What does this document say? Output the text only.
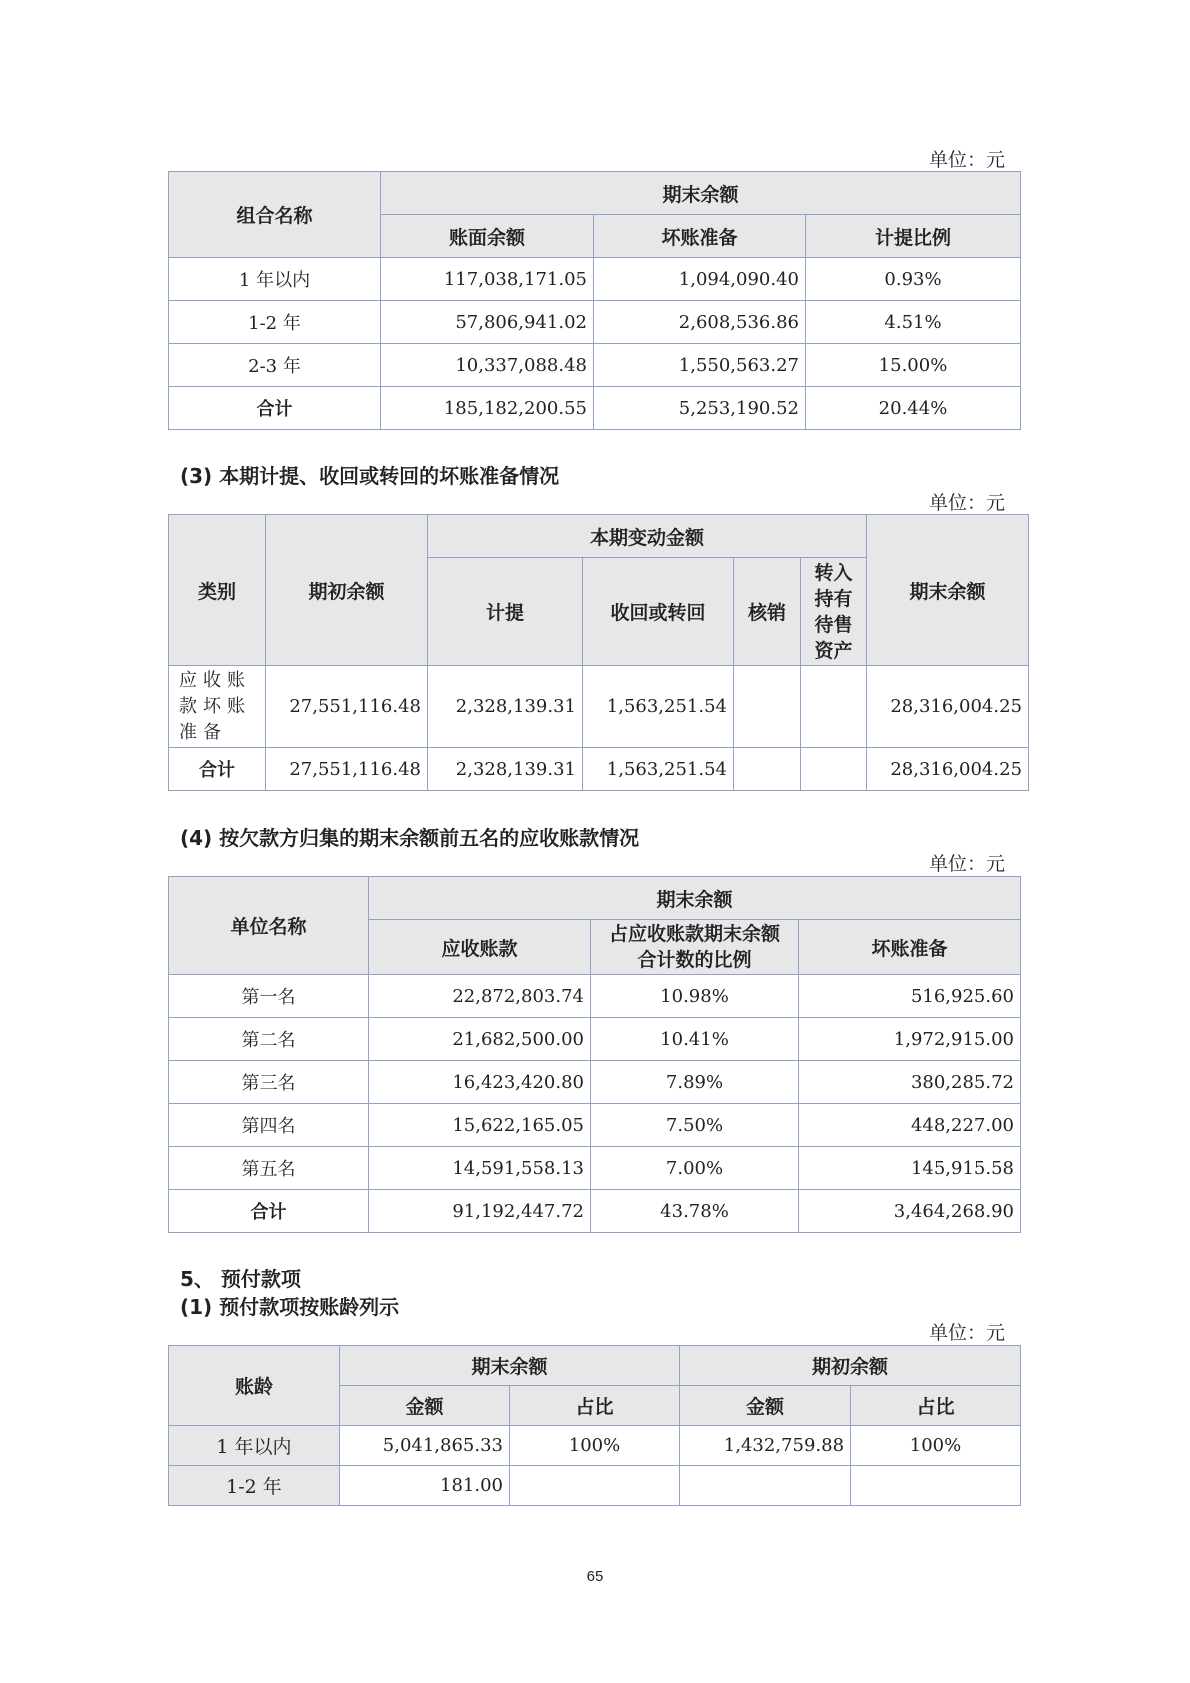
单位：元
组合名称	期末余额		
	账面余额	坏账准备	计提比例
1 年以内	117,038,171.05	1,094,090.40	0.93%
1-2 年	57,806,941.02	2,608,536.86	4.51%
2-3 年	10,337,088.48	1,550,563.27	15.00%
合计	185,182,200.55	5,253,190.52	20.44%
(3) 本期计提、收回或转回的坏账准备情况
单位：元
类别	期初余额	本期变动金额				期末余额
		计提	收回或转回	核销	转入持有待售资产	
应收账款坏账准备	27,551,116.48	2,328,139.31	1,563,251.54			28,316,004.25
合计	27,551,116.48	2,328,139.31	1,563,251.54			28,316,004.25
(4) 按欠款方归集的期末余额前五名的应收账款情况
单位：元
单位名称	期末余额		
	应收账款	占应收账款期末余额合计数的比例	坏账准备
第一名	22,872,803.74	10.98%	516,925.60
第二名	21,682,500.00	10.41%	1,972,915.00
第三名	16,423,420.80	7.89%	380,285.72
第四名	15,622,165.05	7.50%	448,227.00
第五名	14,591,558.13	7.00%	145,915.58
合计	91,192,447.72	43.78%	3,464,268.90
5、 预付款项
(1) 预付款项按账龄列示
单位：元
账龄	期末余额		期初余额	
	金额	占比	金额	占比
1 年以内	5,041,865.33	100%	1,432,759.88	100%
1-2 年	181.00			
65
